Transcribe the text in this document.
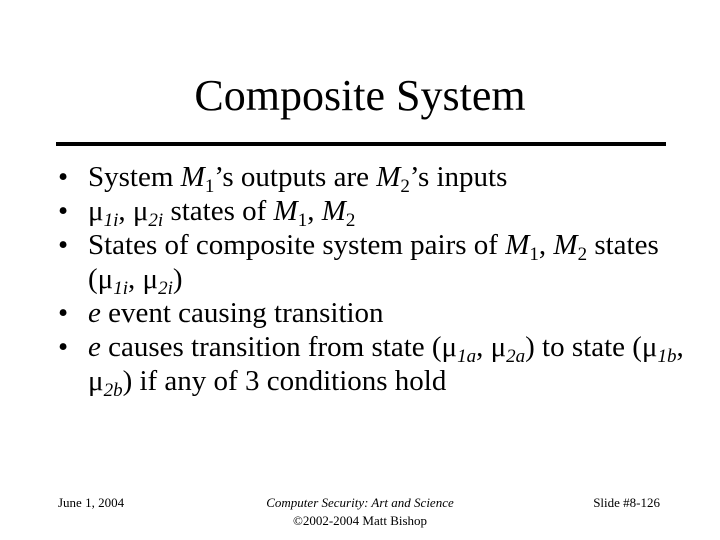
Composite System
• System $M_1’s$ outputs are $M_2’s$ inputs
• $\mu_{1i}$, $\mu_{2i}$ states of $M_1$, $M_2$
• States of composite system pairs of $M_1$, $M_2$ states ($\mu_{1i}$, $\mu_{2i}$)
• e event causing transition
• e causes transition from state ($\mu_{1a}$, $\mu_{2a}$) to state ($\mu_{1b}$, $\mu_{2b}$) if any of 3 conditions hold
June 1, 2004	Computer Security: Art and Science
©2002-2004 Matt Bishop
Slide #8-126
